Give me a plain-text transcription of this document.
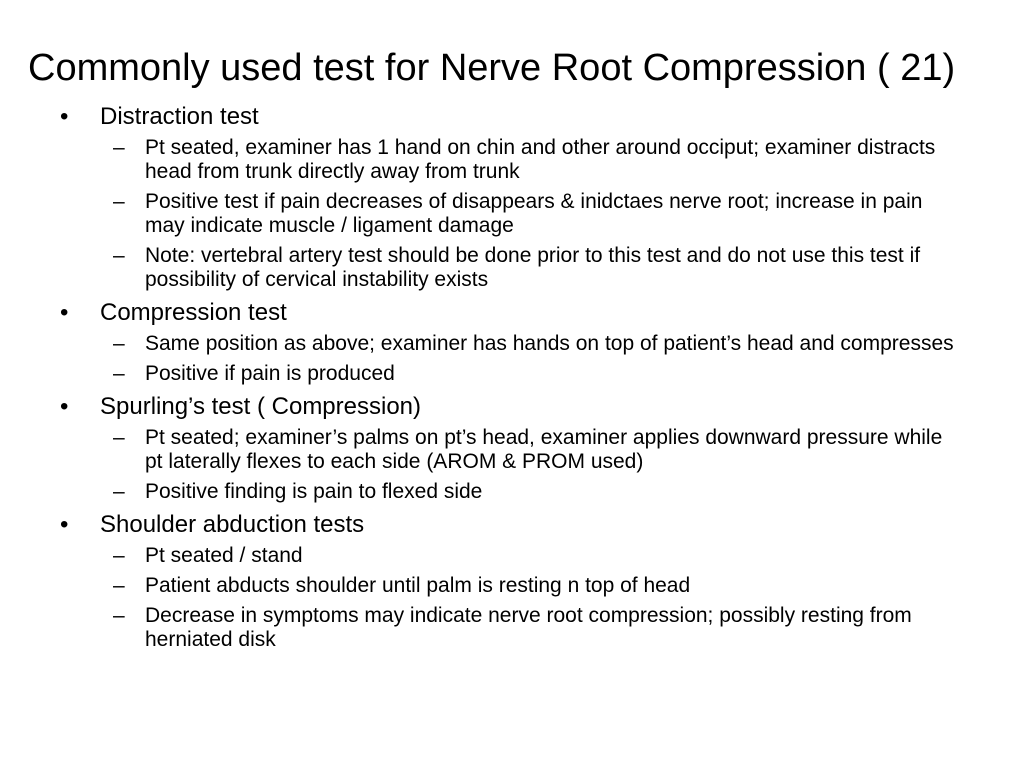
Commonly used test for Nerve Root Compression ( 21)
• Distraction test
– Pt seated, examiner has 1 hand on chin and other around occiput; examiner distracts head from trunk directly away from trunk
– Positive test if pain decreases of disappears & inidctaes nerve root; increase in pain may indicate muscle / ligament damage
– Note: vertebral artery test should be done prior to this test and do not use this test if possibility of cervical instability exists
• Compression test
– Same position as above; examiner has hands on top of patient’s head and compresses
– Positive if pain is produced
• Spurling’s test ( Compression)
– Pt seated; examiner’s palms on pt’s head, examiner applies downward pressure while pt laterally flexes to each side (AROM & PROM used)
– Positive finding is pain to flexed side
• Shoulder abduction tests
– Pt seated / stand
– Patient abducts shoulder until palm is resting n top of head
– Decrease in symptoms may indicate nerve root compression; possibly resting from herniated disk
